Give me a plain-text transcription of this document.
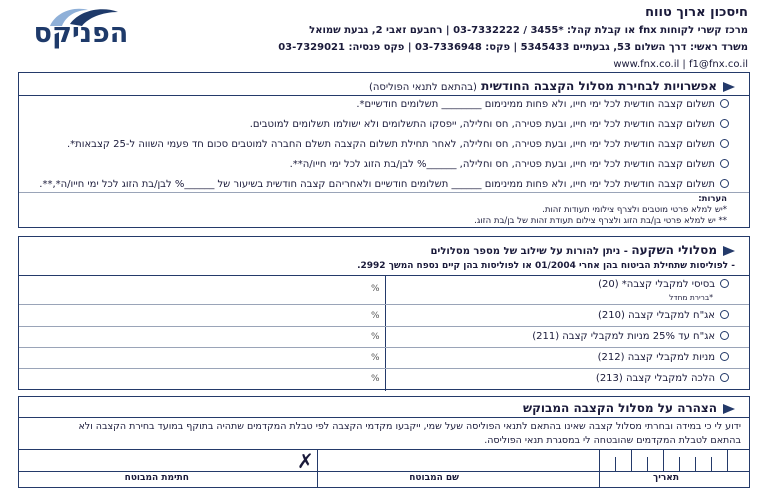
הפניקס
חיסכון ארוך טווח
מרכז קשרי לקוחות fnx או קבלת קהל: *3455 / 03-7332222 | רחבעם זאבי 2, גבעת שמואל
משרד ראשי: דרך השלום 53, גבעתיים 5345433 | פקס: 03-7336948 | פקס פנסיה: 03-7329021
www.fnx.co.il | f1@fnx.co.il
אפשרויות לבחירת מסלול הקצבה החודשית (בהתאם לתנאי הפוליסה)
תשלום קצבה חודשית לכל ימי חייו, ולא פחות ממינימום ________ תשלומים חודשיים*.
תשלום קצבה חודשית לכל ימי חייו, ובעת פטירה, חס וחלילה, ייפסקו התשלומים ולא ישולמו תשלומים למוטבים.
תשלום קצבה חודשית לכל ימי חייו, ובעת פטירה, חס וחלילה, לאחר תחילת תשלום הקצבה תשלם החברה למוטבים סכום חד פעמי השווה ל-25 קצבאות*.
תשלום קצבה חודשית לכל ימי חייו, ובעת פטירה, חס וחלילה, ______% לבן/בת הזוג לכל ימי חייו/ה**.
תשלום קצבה חודשית לכל ימי חייו, ולא פחות ממינימום ______ תשלומים חודשיים ולאחריהם קצבה חודשית בשיעור של ______% לבן/בת הזוג לכל ימי חייו/ה*,**.
הערות:
*יש למלא פרטי מוטבים ולצרף צילומי תעודות זהות.
** יש למלא פרטי בן/בת הזוג ולצרף צילום תעודת זהות של בן/בת הזוג.
מסלולי השקעה - ניתן להורות על שילוב של מספר מסלולים
- לפוליסות שתחילת הביטוח בהן אחרי 01/2004 או לפוליסות בהן קיים נספח המשך 2992.
בסיסי למקבלי קצבה* (20)
*ברירת מחדל
%
אג"ח למקבלי קצבה (210)
%
אג"ח עד 25% מניות למקבלי קצבה (211)
%
מניות למקבלי קצבה (212)
%
הלכה למקבלי קצבה (213)
%
הצהרה על מסלול הקצבה המבוקש
ידוע לי כי במידה ובחרתי מסלול קצבה שאינו בהתאם לתנאי הפוליסה שעל שמי, ייקבעו מקדמי הקצבה לפי טבלת המקדמים שתהיה בתוקף במועד בחירת הקצבה ולא
בהתאם לטבלת המקדמים שהובטחה לי במסגרת תנאי הפוליסה.
✗
תאריך
שם המבוטח
חתימת המבוטח
